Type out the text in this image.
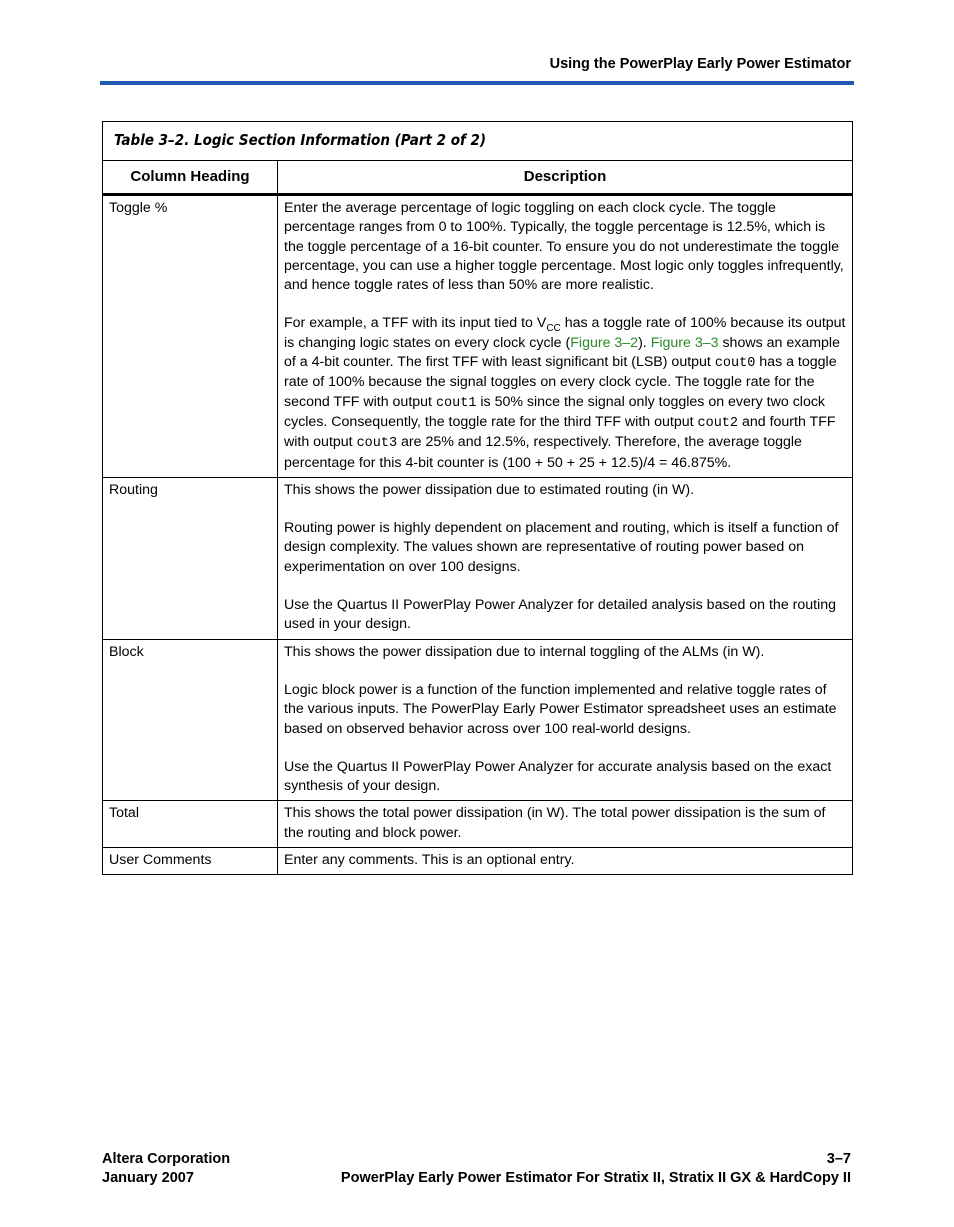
Using the PowerPlay Early Power Estimator
Table 3–2. Logic Section Information (Part 2 of 2)	
Column Heading	Description
Toggle %	Enter the average percentage of logic toggling on each clock cycle. The toggle percentage ranges from 0 to 100%. Typically, the toggle percentage is 12.5%, which is the toggle percentage of a 16-bit counter. To ensure you do not underestimate the toggle percentage, you can use a higher toggle percentage. Most logic only toggles infrequently, and hence toggle rates of less than 50% are more realistic.

For example, a TFF with its input tied to $V_{CC}$ has a toggle rate of 100% because its output is changing logic states on every clock cycle (Figure 3–2). Figure 3–3 shows an example of a 4-bit counter. The first TFF with least significant bit (LSB) output cout0 has a toggle rate of 100% because the signal toggles on every clock cycle. The toggle rate for the second TFF with output cout1 is 50% since the signal only toggles on every two clock cycles. Consequently, the toggle rate for the third TFF with output cout2 and fourth TFF with output cout3 are 25% and 12.5%, respectively. Therefore, the average toggle percentage for this 4-bit counter is (100 + 50 + 25 + 12.5)/4 = 46.875%.

Routing	This shows the power dissipation due to estimated routing (in W).

Routing power is highly dependent on placement and routing, which is itself a function of design complexity. The values shown are representative of routing power based on experimentation on over 100 designs.

Use the Quartus II PowerPlay Power Analyzer for detailed analysis based on the routing used in your design.

Block	This shows the power dissipation due to internal toggling of the ALMs (in W).

Logic block power is a function of the function implemented and relative toggle rates of the various inputs. The PowerPlay Early Power Estimator spreadsheet uses an estimate based on observed behavior across over 100 real-world designs.

Use the Quartus II PowerPlay Power Analyzer for accurate analysis based on the exact synthesis of your design.

Total	This shows the total power dissipation (in W). The total power dissipation is the sum of the routing and block power.

User Comments	Enter any comments. This is an optional entry.

Altera Corporation
January 2007
3–7
PowerPlay Early Power Estimator For Stratix II, Stratix II GX & HardCopy II
